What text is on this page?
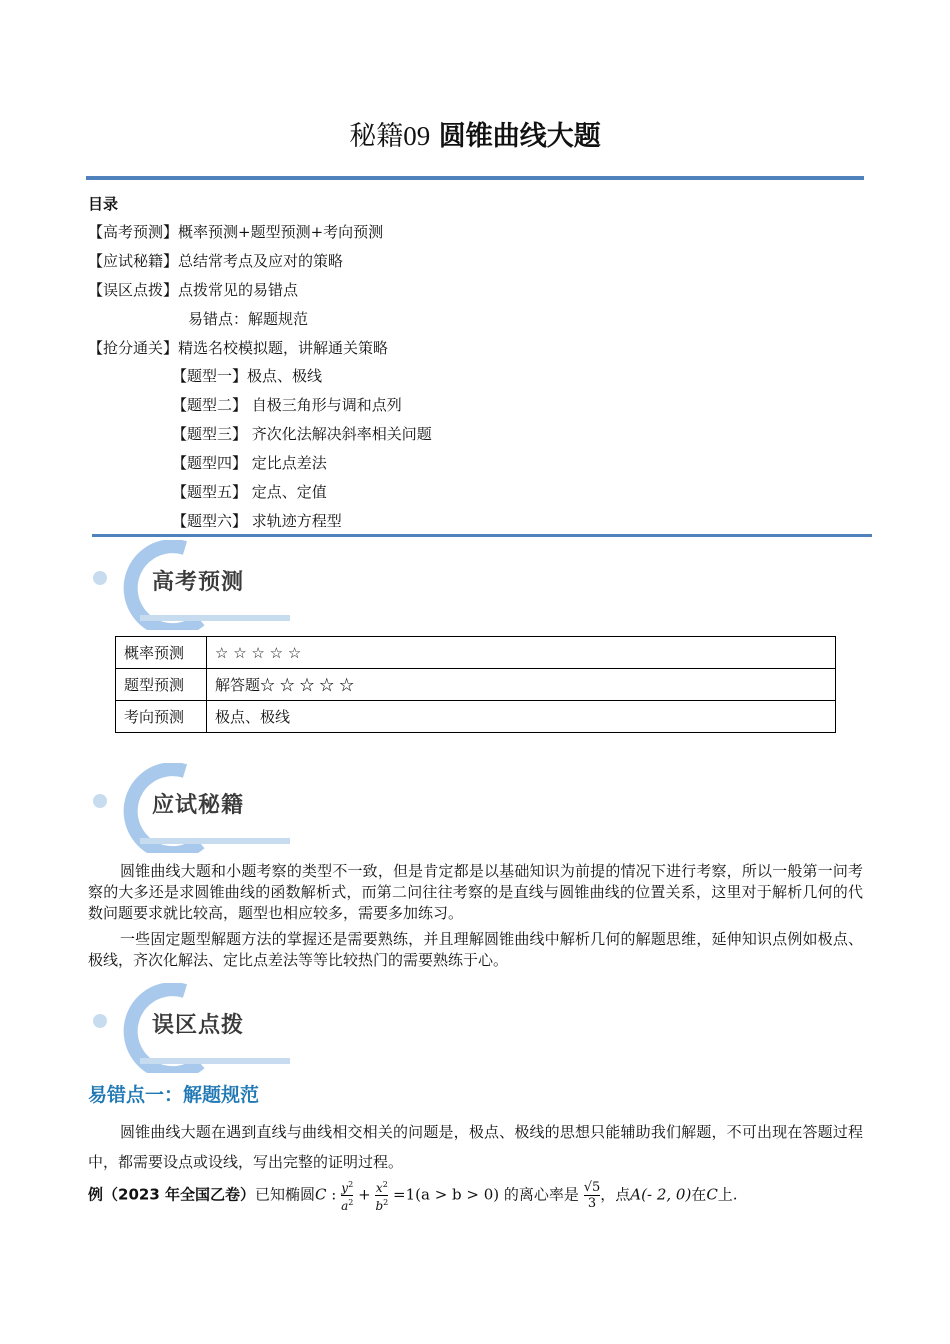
秘籍09 圆锥曲线大题
目录
【高考预测】概率预测+题型预测+考向预测
【应试秘籍】总结常考点及应对的策略
【误区点拨】点拨常见的易错点
易错点：解题规范
【抢分通关】精选名校模拟题，讲解通关策略
【题型一】极点、极线
【题型二】 自极三角形与调和点列
【题型三】 齐次化法解决斜率相关问题
【题型四】 定比点差法
【题型五】 定点、定值
【题型六】 求轨迹方程型
高考预测
概率预测	☆ ☆ ☆ ☆ ☆
题型预测	解答题☆ ☆ ☆ ☆ ☆
考向预测	极点、极线
应试秘籍
圆锥曲线大题和小题考察的类型不一致，但是肯定都是以基础知识为前提的情况下进行考察，所以一般第一问考察的大多还是求圆锥曲线的函数解析式，而第二问往往考察的是直线与圆锥曲线的位置关系，这里对于解析几何的代数问题要求就比较高，题型也相应较多，需要多加练习。
一些固定题型解题方法的掌握还是需要熟练，并且理解圆锥曲线中解析几何的解题思维，延伸知识点例如极点、极线，齐次化解法、定比点差法等等比较热门的需要熟练于心。
误区点拨
易错点一：解题规范
圆锥曲线大题在遇到直线与曲线相交相关的问题是，极点、极线的思想只能辅助我们解题，不可出现在答题过程中，都需要设点或设线，写出完整的证明过程。
例（2023 年全国乙卷）已知椭圆C : $y^2$

$a^2 + x^2$

$b^2 =1(a > b > 0)$ 的离心率是 $\frac{√5}{3}$ ，点A(- 2, 0)在C上.
